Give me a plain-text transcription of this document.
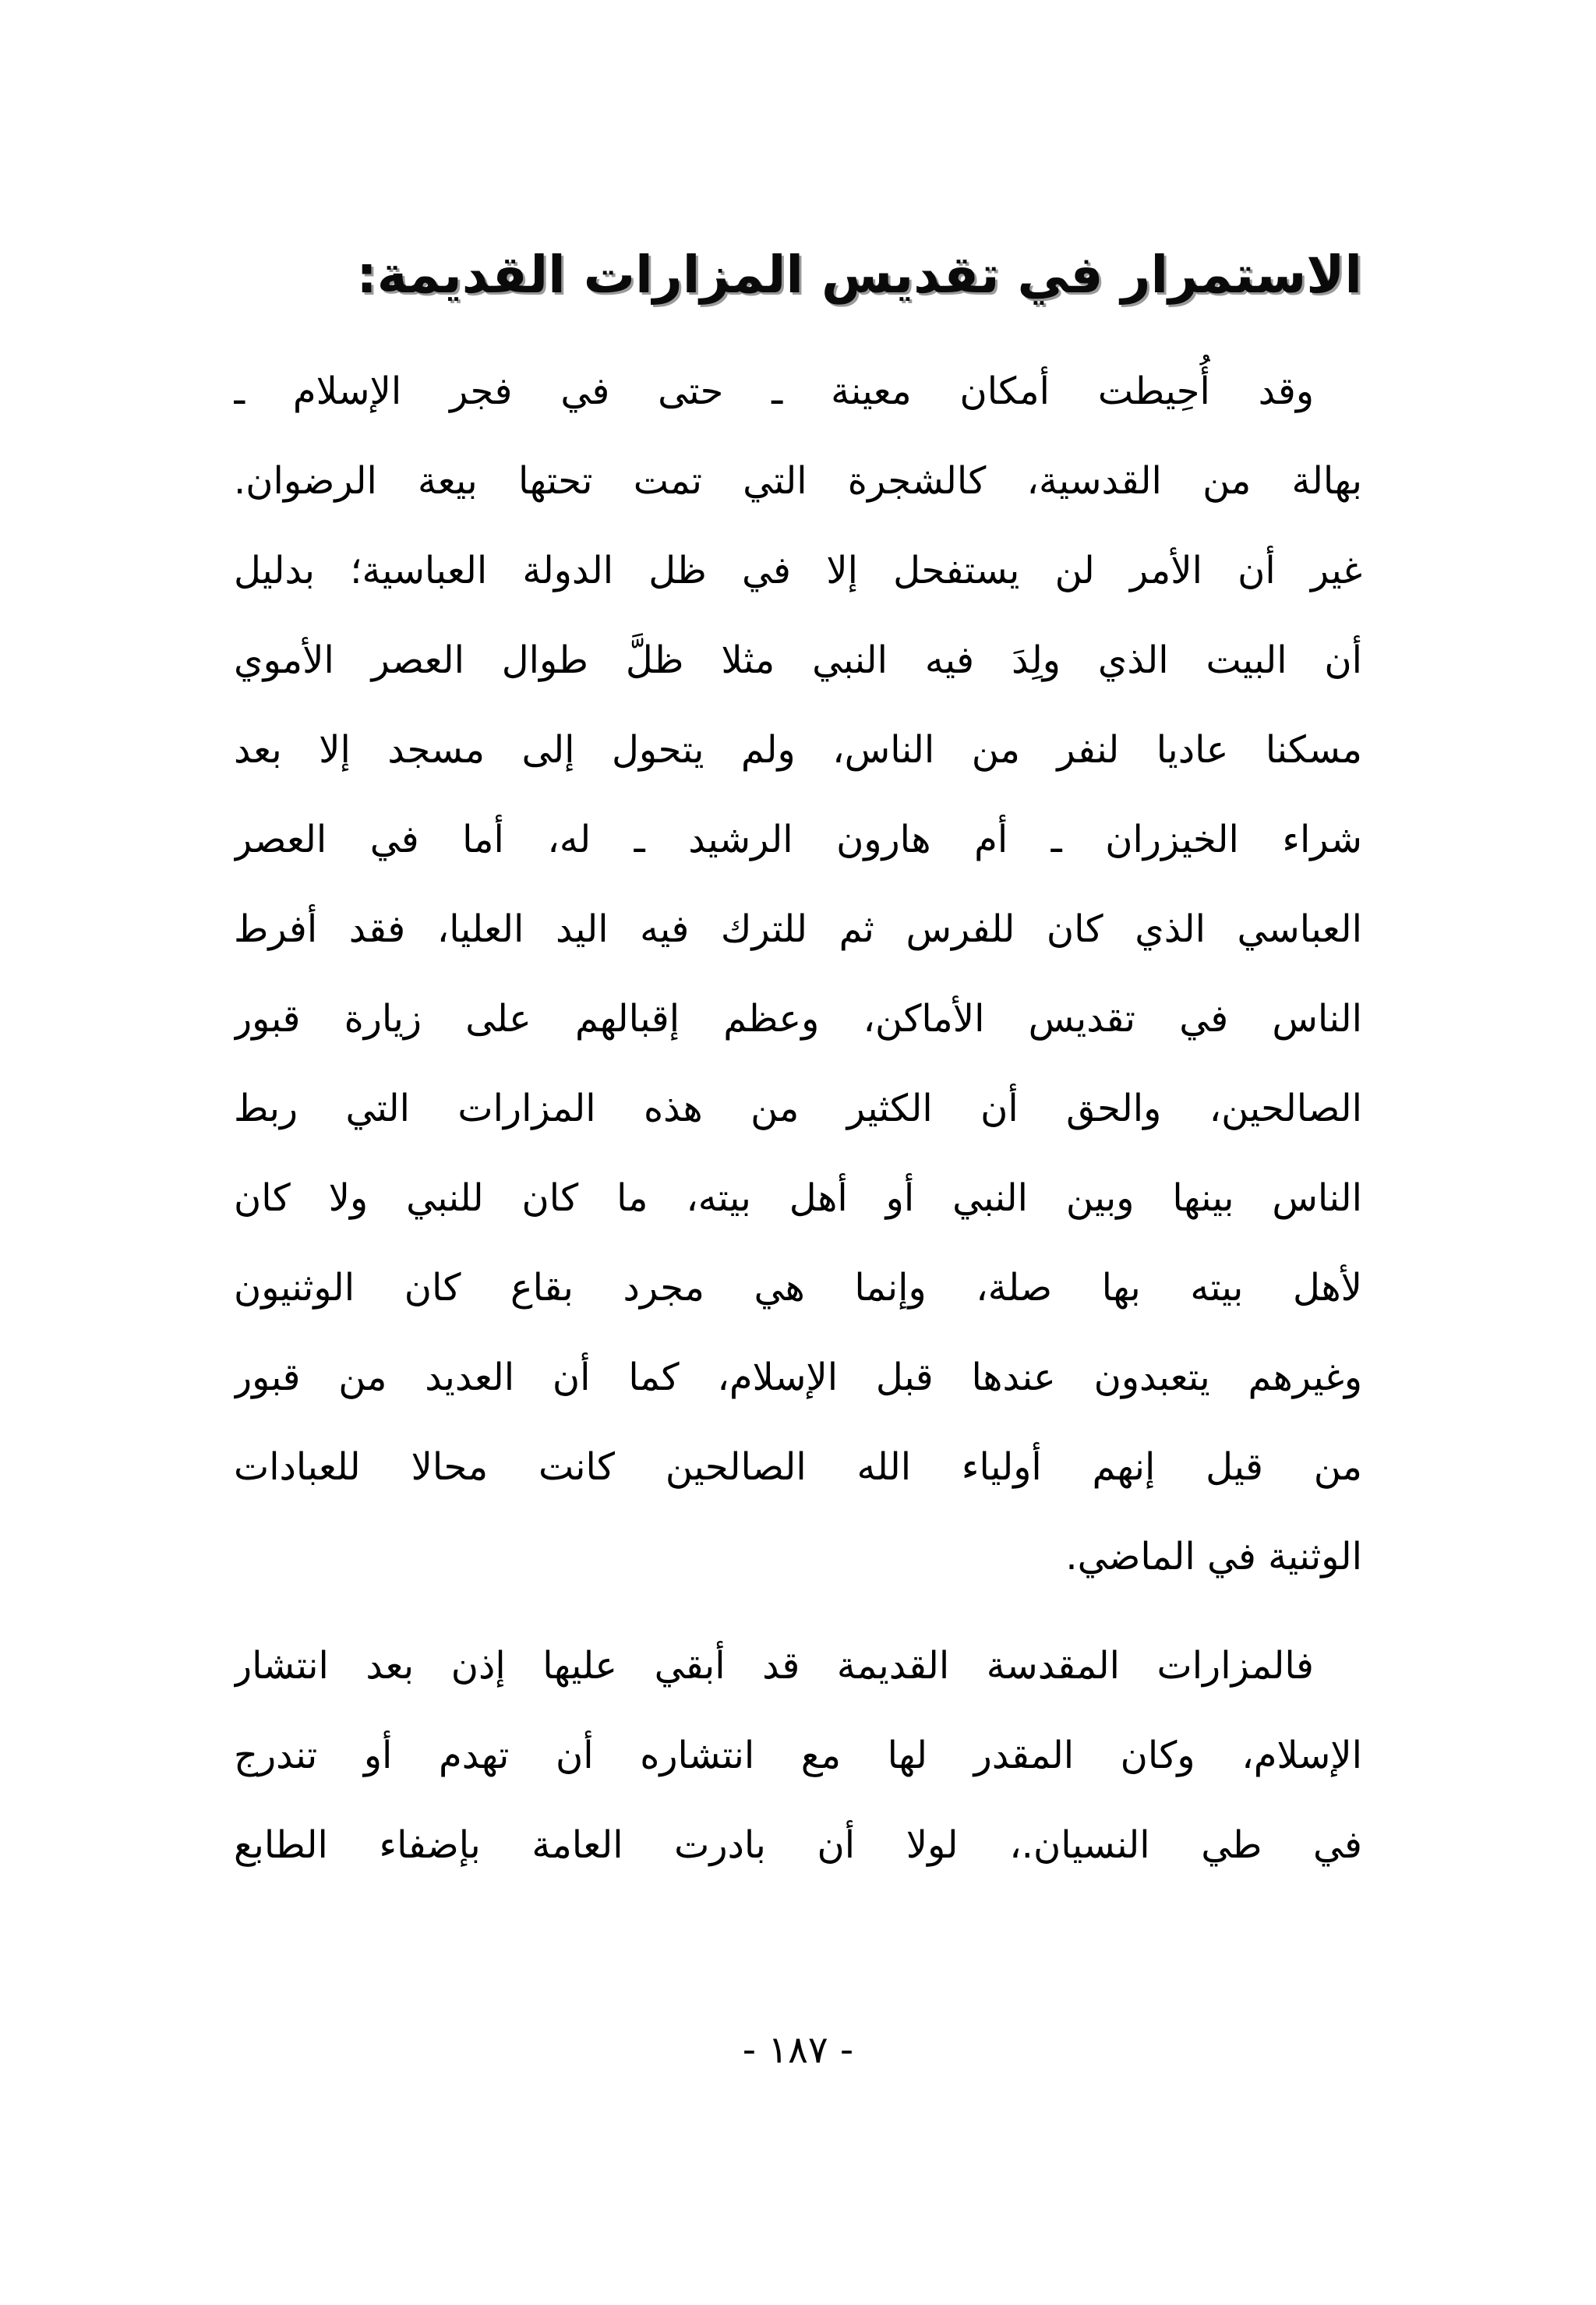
الاستمرار في تقديس المزارات القديمة:
وقد أُحِيطت أمكان معينة ـ حتى في فجر الإسلام ـ
بهالة من القدسية، كالشجرة التي تمت تحتها بيعة الرضوان.
غير أن الأمر لن يستفحل إلا في ظل الدولة العباسية؛ بدليل
أن البيت الذي ولِدَ فيه النبي مثلا ظلَّ طوال العصر الأموي
مسكنا عاديا لنفر من الناس، ولم يتحول إلى مسجد إلا بعد
شراء الخيزران ـ أم هارون الرشيد ـ له، أما في العصر
العباسي الذي كان للفرس ثم للترك فيه اليد العليا، فقد أفرط
الناس في تقديس الأماكن، وعظم إقبالهم على زيارة قبور
الصالحين، والحق أن الكثير من هذه المزارات التي ربط
الناس بينها وبين النبي أو أهل بيته، ما كان للنبي ولا كان
لأهل بيته بها صلة، وإنما هي مجرد بقاع كان الوثنيون
وغيرهم يتعبدون عندها قبل الإسلام، كما أن العديد من قبور
من قيل إنهم أولياء الله الصالحين كانت محالا للعبادات
الوثنية في الماضي.
فالمزارات المقدسة القديمة قد أبقي عليها إذن بعد انتشار
الإسلام، وكان المقدر لها مع انتشاره أن تهدم أو تندرج
في طي النسيان.، لولا أن بادرت العامة بإضفاء الطابع
- ١٨٧ -
